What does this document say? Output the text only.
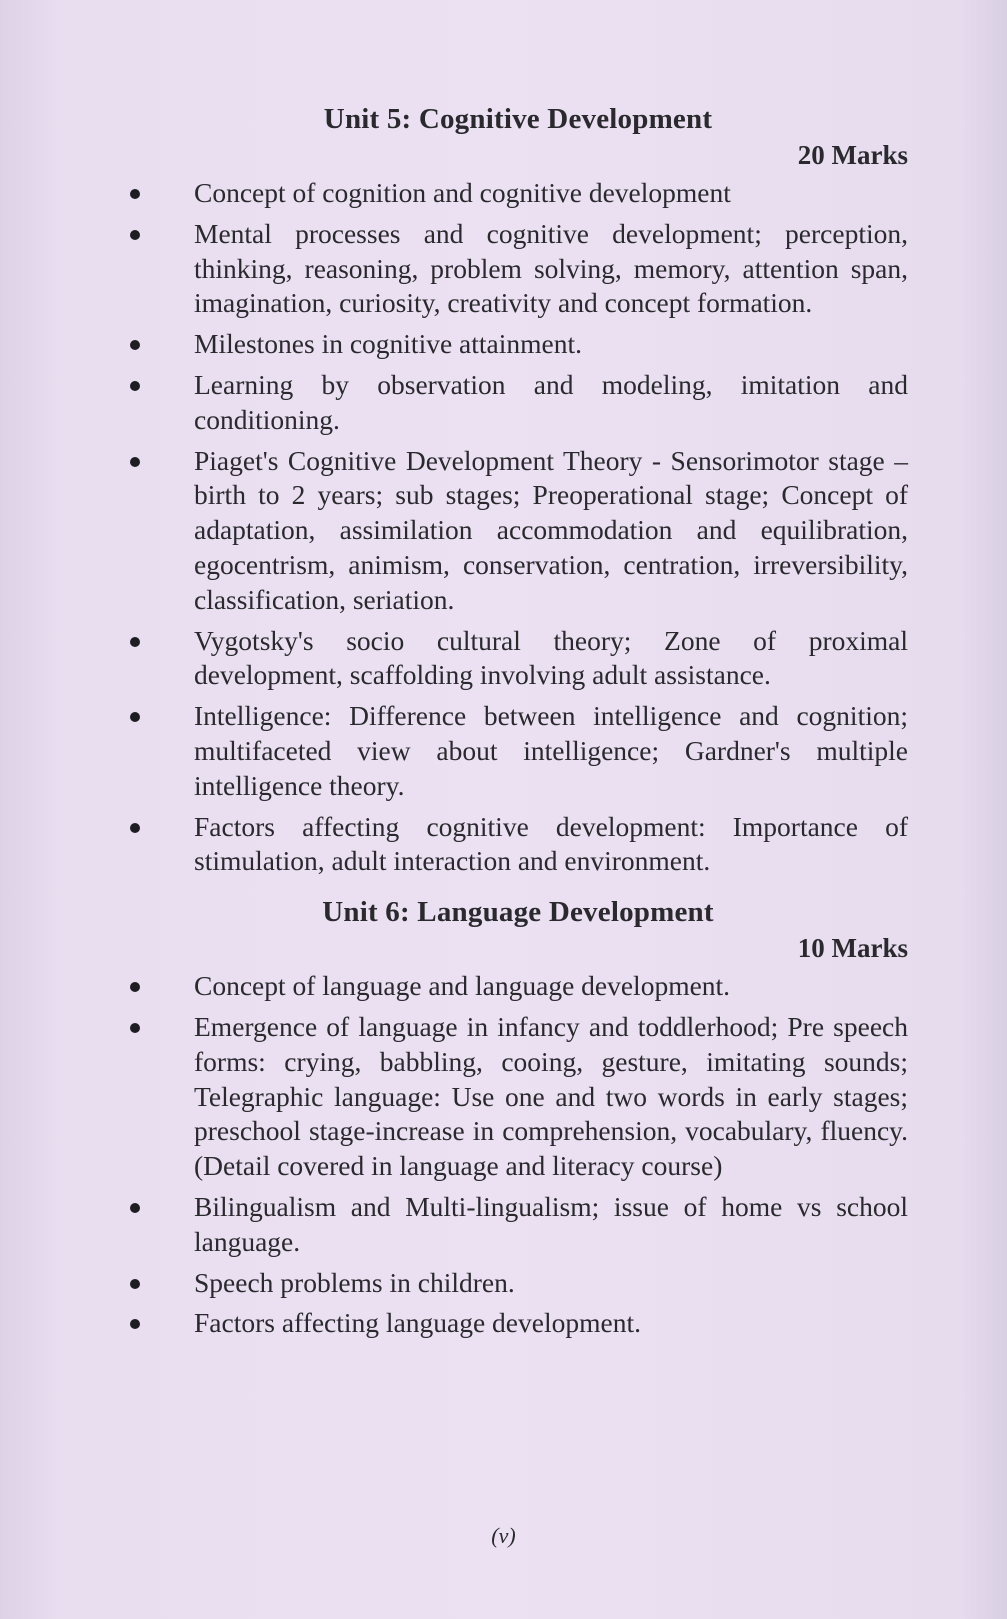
Unit 5: Cognitive Development

20 Marks

Concept of cognition and cognitive development
Mental processes and cognitive development; perception, thinking, reasoning, problem solving, memory, attention span, imagination, curiosity, creativity and concept formation.
Milestones in cognitive attainment.
Learning by observation and modeling, imitation and conditioning.
Piaget's Cognitive Development Theory - Sensorimotor stage – birth to 2 years; sub stages; Preoperational stage; Concept of adaptation, assimilation accommodation and equilibration, egocentrism, animism, conservation, centration, irreversibility, classification, seriation.
Vygotsky's socio cultural theory; Zone of proximal development, scaffolding involving adult assistance.
Intelligence: Difference between intelligence and cognition; multifaceted view about intelligence; Gardner's multiple intelligence theory.
Factors affecting cognitive development: Importance of stimulation, adult interaction and environment.
Unit 6: Language Development

10 Marks

Concept of language and language development.
Emergence of language in infancy and toddlerhood; Pre speech forms: crying, babbling, cooing, gesture, imitating sounds; Telegraphic language: Use one and two words in early stages; preschool stage-increase in comprehension, vocabulary, fluency. (Detail covered in language and literacy course)
Bilingualism and Multi-lingualism; issue of home vs school language.
Speech problems in children.
Factors affecting language development.
(v)
